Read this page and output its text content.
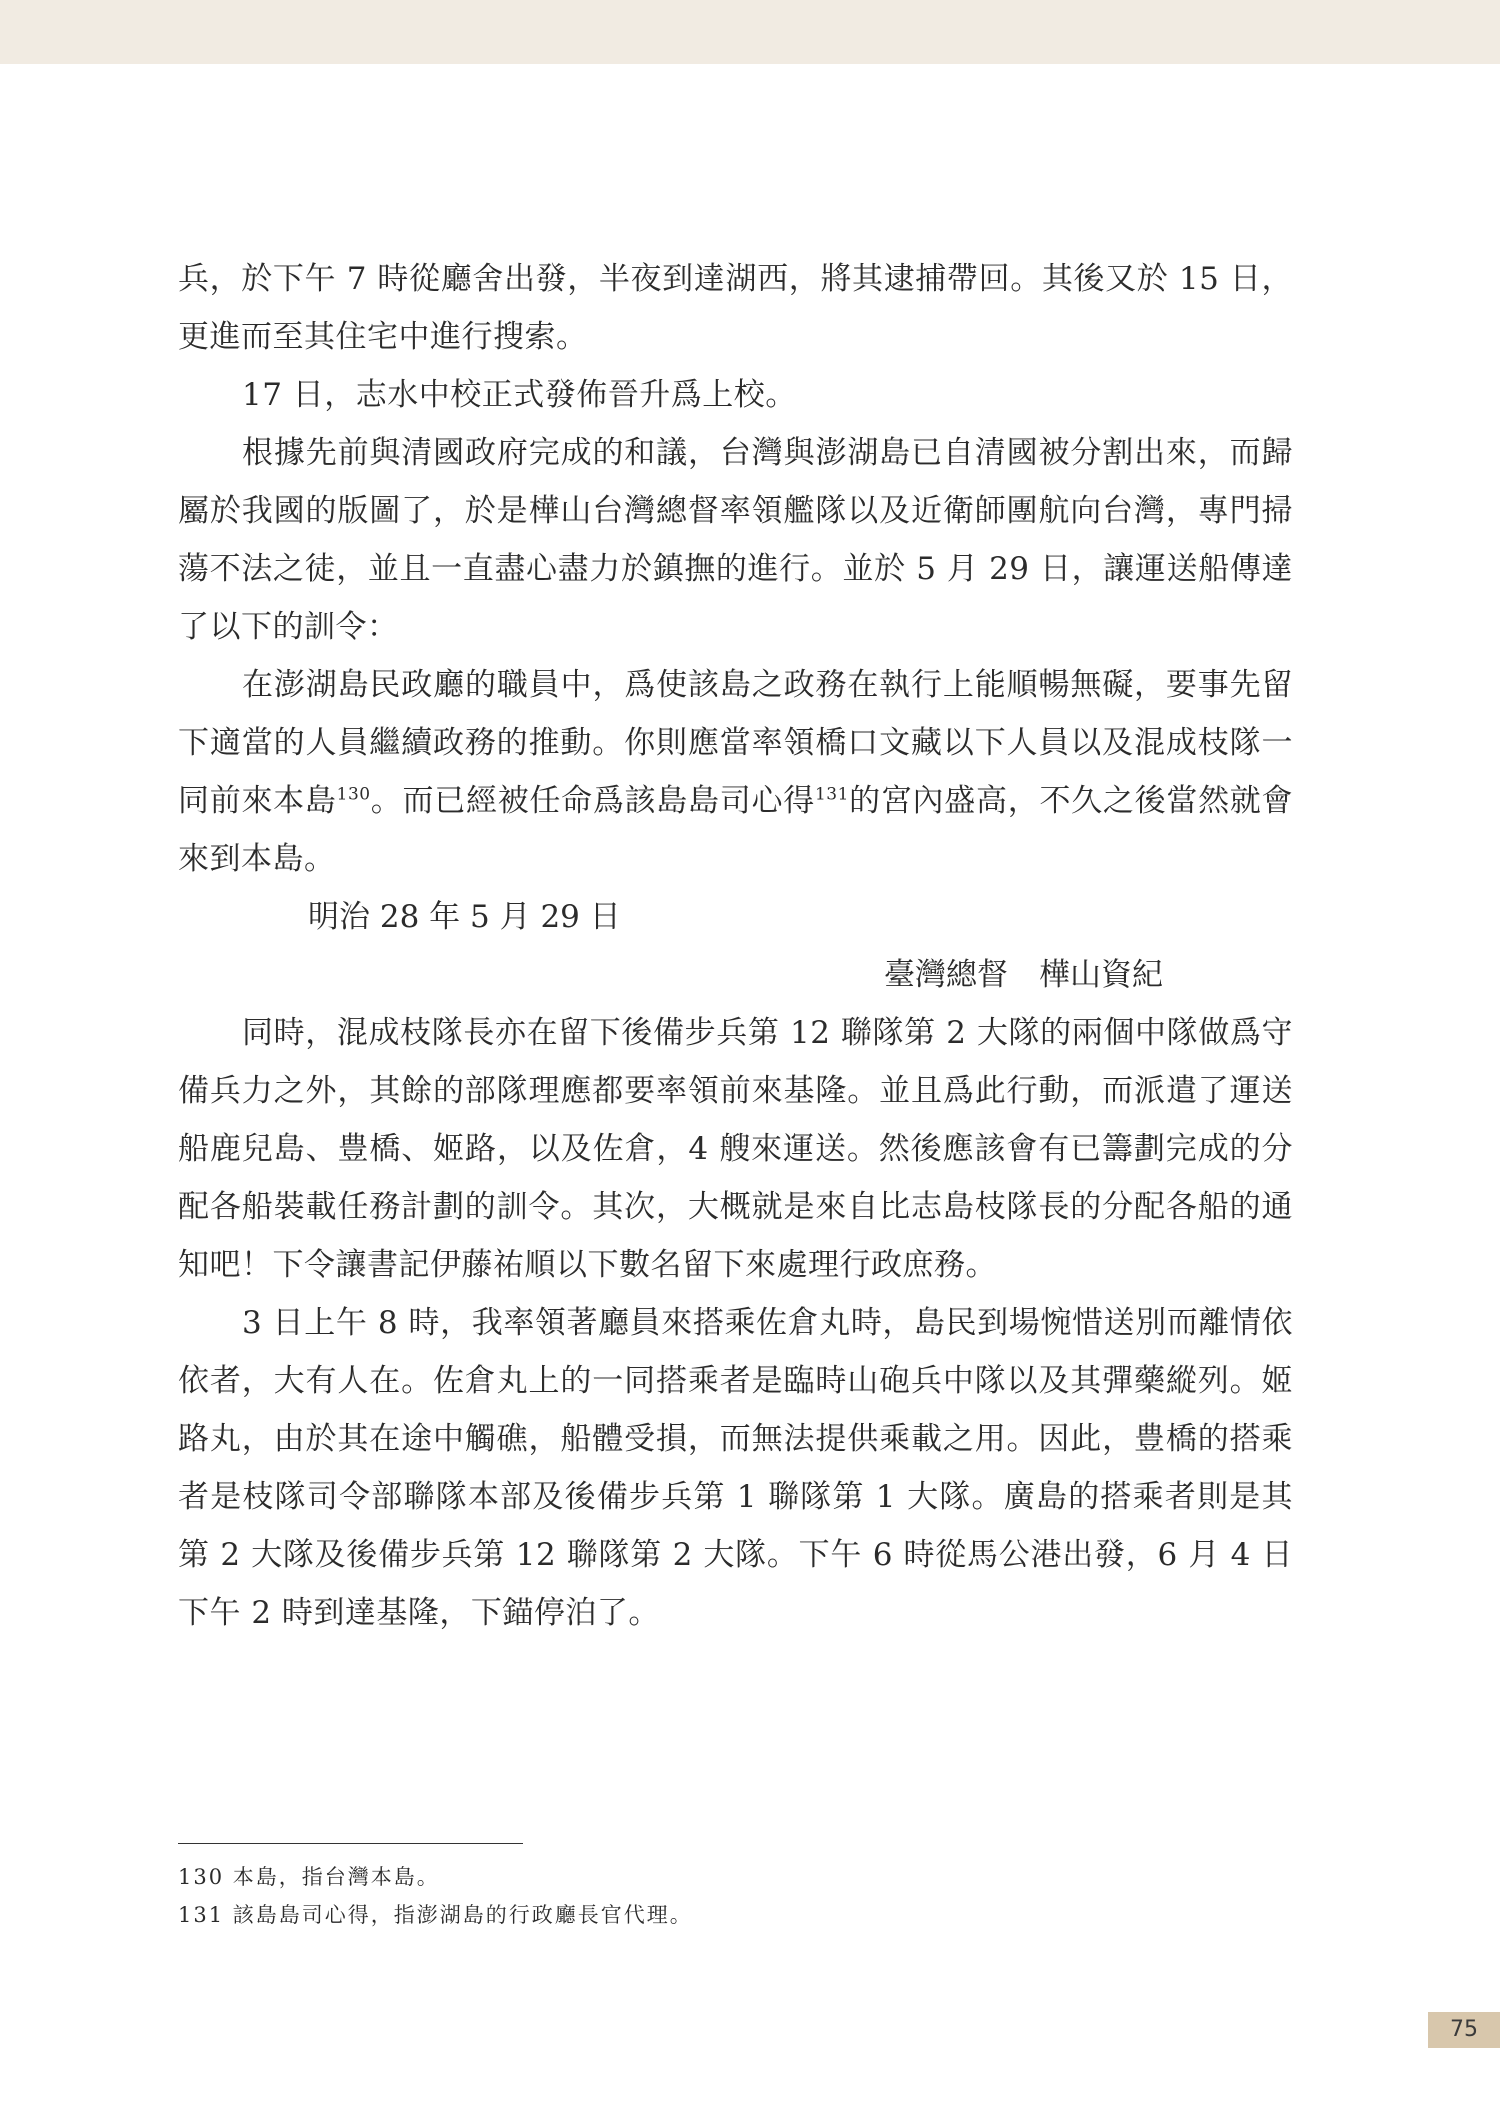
兵，於下午 7 時從廳舍出發，半夜到達湖西，將其逮捕帶回。其後又於 15 日，更進而至其住宅中進行搜索。

17 日，志水中校正式發佈晉升爲上校。

根據先前與清國政府完成的和議，台灣與澎湖島已自清國被分割出來，而歸屬於我國的版圖了，於是樺山台灣總督率領艦隊以及近衛師團航向台灣，專門掃蕩不法之徒，並且一直盡心盡力於鎮撫的進行。並於 5 月 29 日，讓運送船傳達了以下的訓令：

在澎湖島民政廳的職員中，爲使該島之政務在執行上能順暢無礙，要事先留下適當的人員繼續政務的推動。你則應當率領橋口文藏以下人員以及混成枝隊一同前來本島$^{130}$。而已經被任命爲該島島司心得$^{131}$的宮內盛高，不久之後當然就會來到本島。

明治 28 年 5 月 29 日

臺灣總督　樺山資紀

同時，混成枝隊長亦在留下後備步兵第 12 聯隊第 2 大隊的兩個中隊做爲守備兵力之外，其餘的部隊理應都要率領前來基隆。並且爲此行動，而派遣了運送船鹿兒島、豊橋、姬路，以及佐倉，4 艘來運送。然後應該會有已籌劃完成的分配各船裝載任務計劃的訓令。其次，大概就是來自比志島枝隊長的分配各船的通知吧！下令讓書記伊藤祐順以下數名留下來處理行政庶務。

3 日上午 8 時，我率領著廳員來搭乘佐倉丸時，島民到場惋惜送別而離情依依者，大有人在。佐倉丸上的一同搭乘者是臨時山砲兵中隊以及其彈藥縱列。姬路丸，由於其在途中觸礁，船體受損，而無法提供乘載之用。因此，豊橋的搭乘者是枝隊司令部聯隊本部及後備步兵第 1 聯隊第 1 大隊。廣島的搭乘者則是其第 2 大隊及後備步兵第 12 聯隊第 2 大隊。下午 6 時從馬公港出發，6 月 4 日下午 2 時到達基隆，下錨停泊了。

130 本島，指台灣本島。
131 該島島司心得，指澎湖島的行政廳長官代理。
75
